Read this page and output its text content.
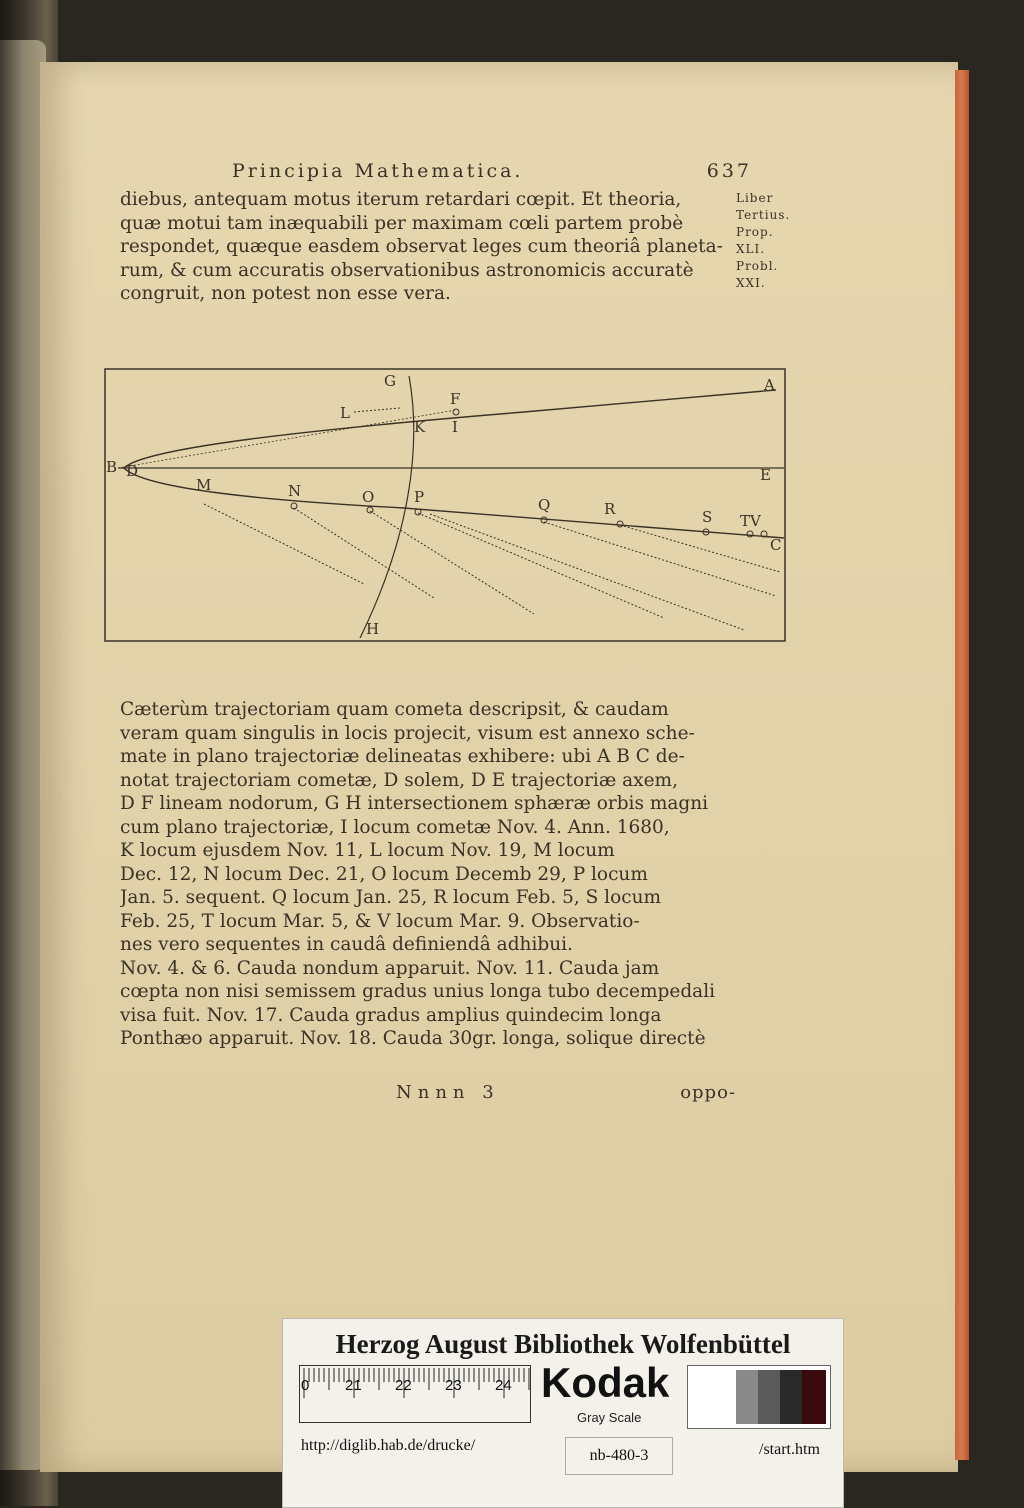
Principia Mathematica.	637
diebus, antequam motus iterum retardari cœpit. Et theoria,
quæ motui tam inæquabili per maximam cœli partem probè
respondet, quæque easdem observat leges cum theoriâ planeta-
rum, & cum accuratis observationibus astronomicis accuratè
congruit, non potest non esse vera.
Liber
Tertius.
Prop.
XLI.
Probl.
XXI.
A
B D	E
C
G
F
L
K I
M	N	O	P	Q	R	S TV
H
Cæterùm trajectoriam quam cometa descripsit, & caudam
veram quam singulis in locis projecit, visum est annexo sche-
mate in plano trajectoriæ delineatas exhibere: ubi A B C de-
notat trajectoriam cometæ, D solem, D E trajectoriæ axem,
D F lineam nodorum, G H intersectionem sphæræ orbis magni
cum plano trajectoriæ, I locum cometæ Nov. 4. Ann. 1680,
K locum ejusdem Nov. 11, L locum Nov. 19, M locum
Dec. 12, N locum Dec. 21, O locum Decemb 29, P locum
Jan. 5. sequent. Q locum Jan. 25, R locum Feb. 5, S locum
Feb. 25, T locum Mar. 5, & V locum Mar. 9. Observatio-
nes vero sequentes in caudâ definiendâ adhibui.
Nov. 4. & 6. Cauda nondum apparuit. Nov. 11. Cauda jam
cœpta non nisi semissem gradus unius longa tubo decempedali
visa fuit. Nov. 17. Cauda gradus amplius quindecim longa
Ponthæo apparuit. Nov. 18. Cauda 30gr. longa, solique directè
Nnnn 3	oppo-
Herzog August Bibliothek Wolfenbüttel
0 21 22 23 24 Kodak
Gray Scale
http://diglib.hab.de/drucke/
nb-480-3	/start.htm
